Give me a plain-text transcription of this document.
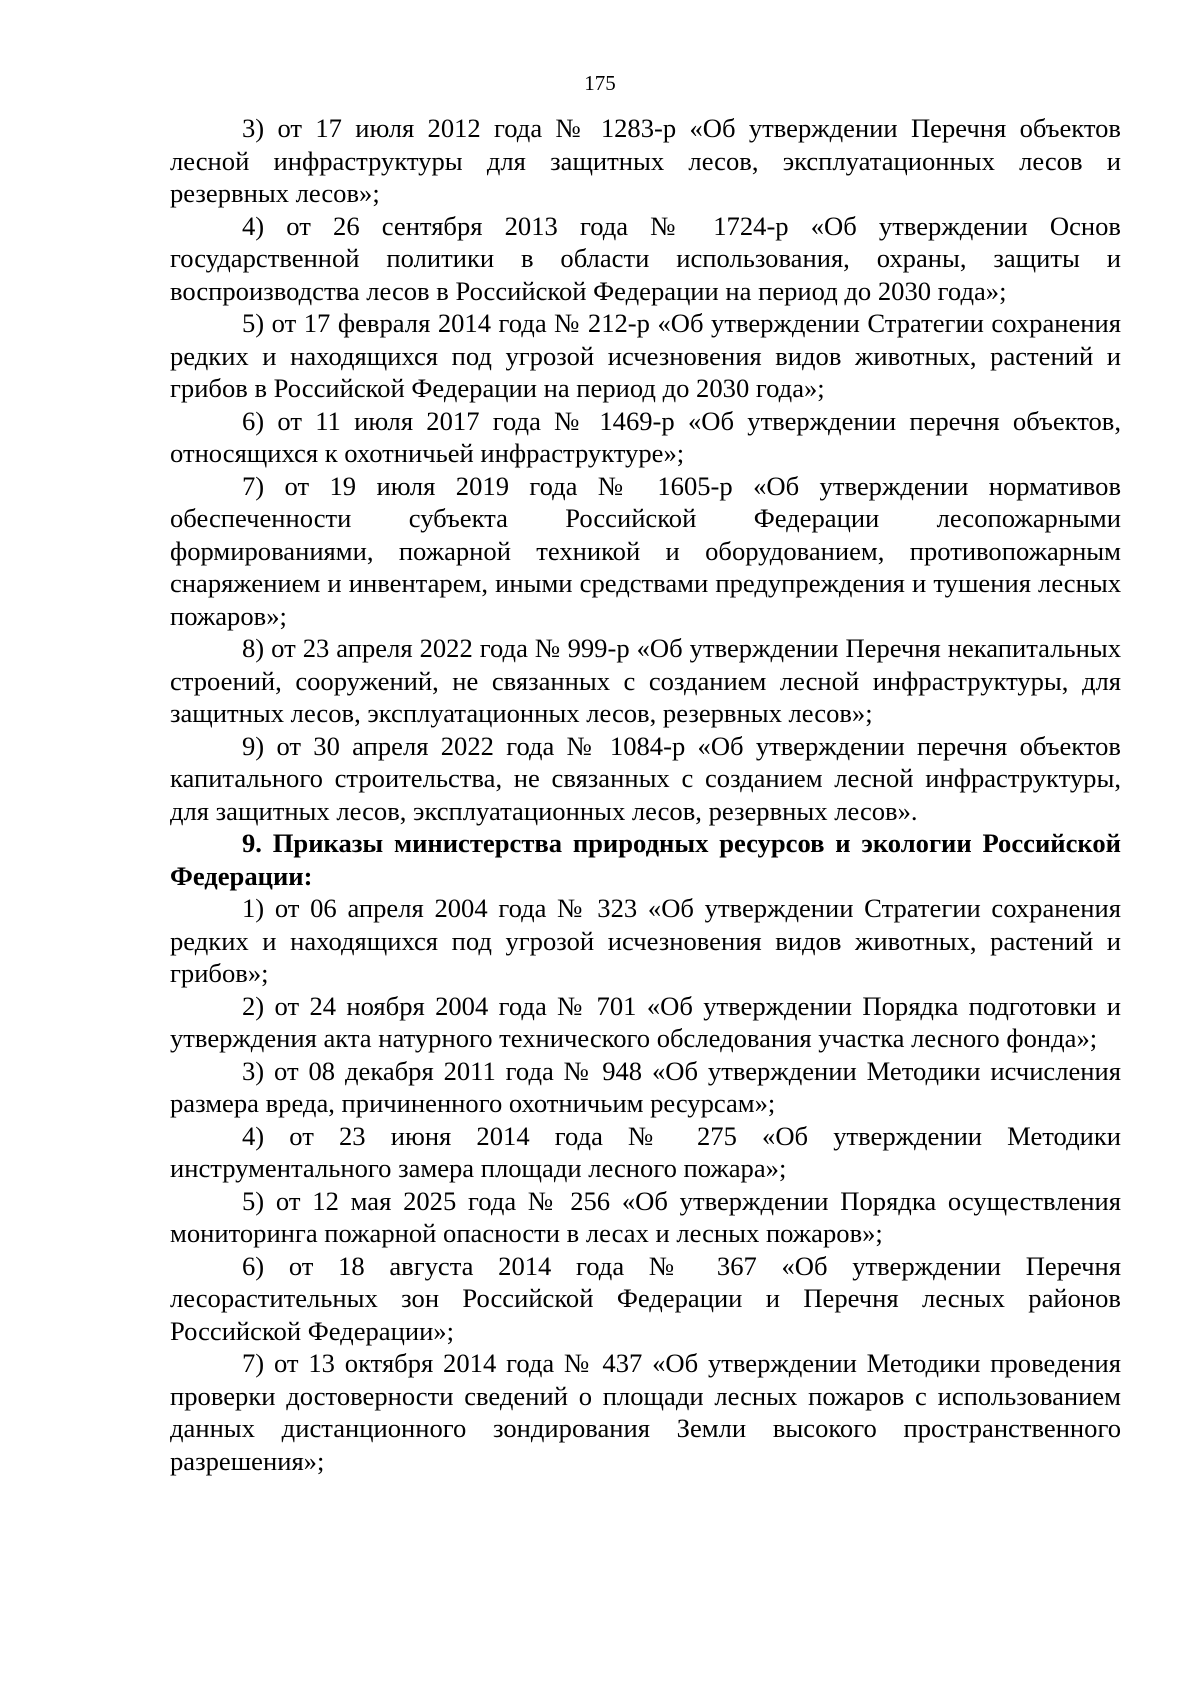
175

3) от 17 июля 2012 года № 1283-р «Об утверждении Перечня объектов лесной инфраструктуры для защитных лесов, эксплуатационных лесов и резервных лесов»;

4) от 26 сентября 2013 года № 1724-р «Об утверждении Основ государственной политики в области использования, охраны, защиты и воспроизводства лесов в Российской Федерации на период до 2030 года»;

5) от 17 февраля 2014 года № 212-р «Об утверждении Стратегии сохранения редких и находящихся под угрозой исчезновения видов животных, растений и грибов в Российской Федерации на период до 2030 года»;

6) от 11 июля 2017 года № 1469-р «Об утверждении перечня объектов, относящихся к охотничьей инфраструктуре»;

7) от 19 июля 2019 года № 1605-р «Об утверждении нормативов обеспеченности субъекта Российской Федерации лесопожарными формированиями, пожарной техникой и оборудованием, противопожарным снаряжением и инвентарем, иными средствами предупреждения и тушения лесных пожаров»;

8) от 23 апреля 2022 года № 999-р «Об утверждении Перечня некапитальных строений, сооружений, не связанных с созданием лесной инфраструктуры, для защитных лесов, эксплуатационных лесов, резервных лесов»;

9) от 30 апреля 2022 года № 1084-р «Об утверждении перечня объектов капитального строительства, не связанных с созданием лесной инфраструктуры, для защитных лесов, эксплуатационных лесов, резервных лесов».

9. Приказы министерства природных ресурсов и экологии Российской Федерации:

1) от 06 апреля 2004 года № 323 «Об утверждении Стратегии сохранения редких и находящихся под угрозой исчезновения видов животных, растений и грибов»;

2) от 24 ноября 2004 года № 701 «Об утверждении Порядка подготовки и утверждения акта натурного технического обследования участка лесного фонда»;

3) от 08 декабря 2011 года № 948 «Об утверждении Методики исчисления размера вреда, причиненного охотничьим ресурсам»;

4) от 23 июня 2014 года № 275 «Об утверждении Методики инструментального замера площади лесного пожара»;

5) от 12 мая 2025 года № 256 «Об утверждении Порядка осуществления мониторинга пожарной опасности в лесах и лесных пожаров»;

6) от 18 августа 2014 года № 367 «Об утверждении Перечня лесорастительных зон Российской Федерации и Перечня лесных районов Российской Федерации»;

7) от 13 октября 2014 года № 437 «Об утверждении Методики проведения проверки достоверности сведений о площади лесных пожаров с использованием данных дистанционного зондирования Земли высокого пространственного разрешения»;
